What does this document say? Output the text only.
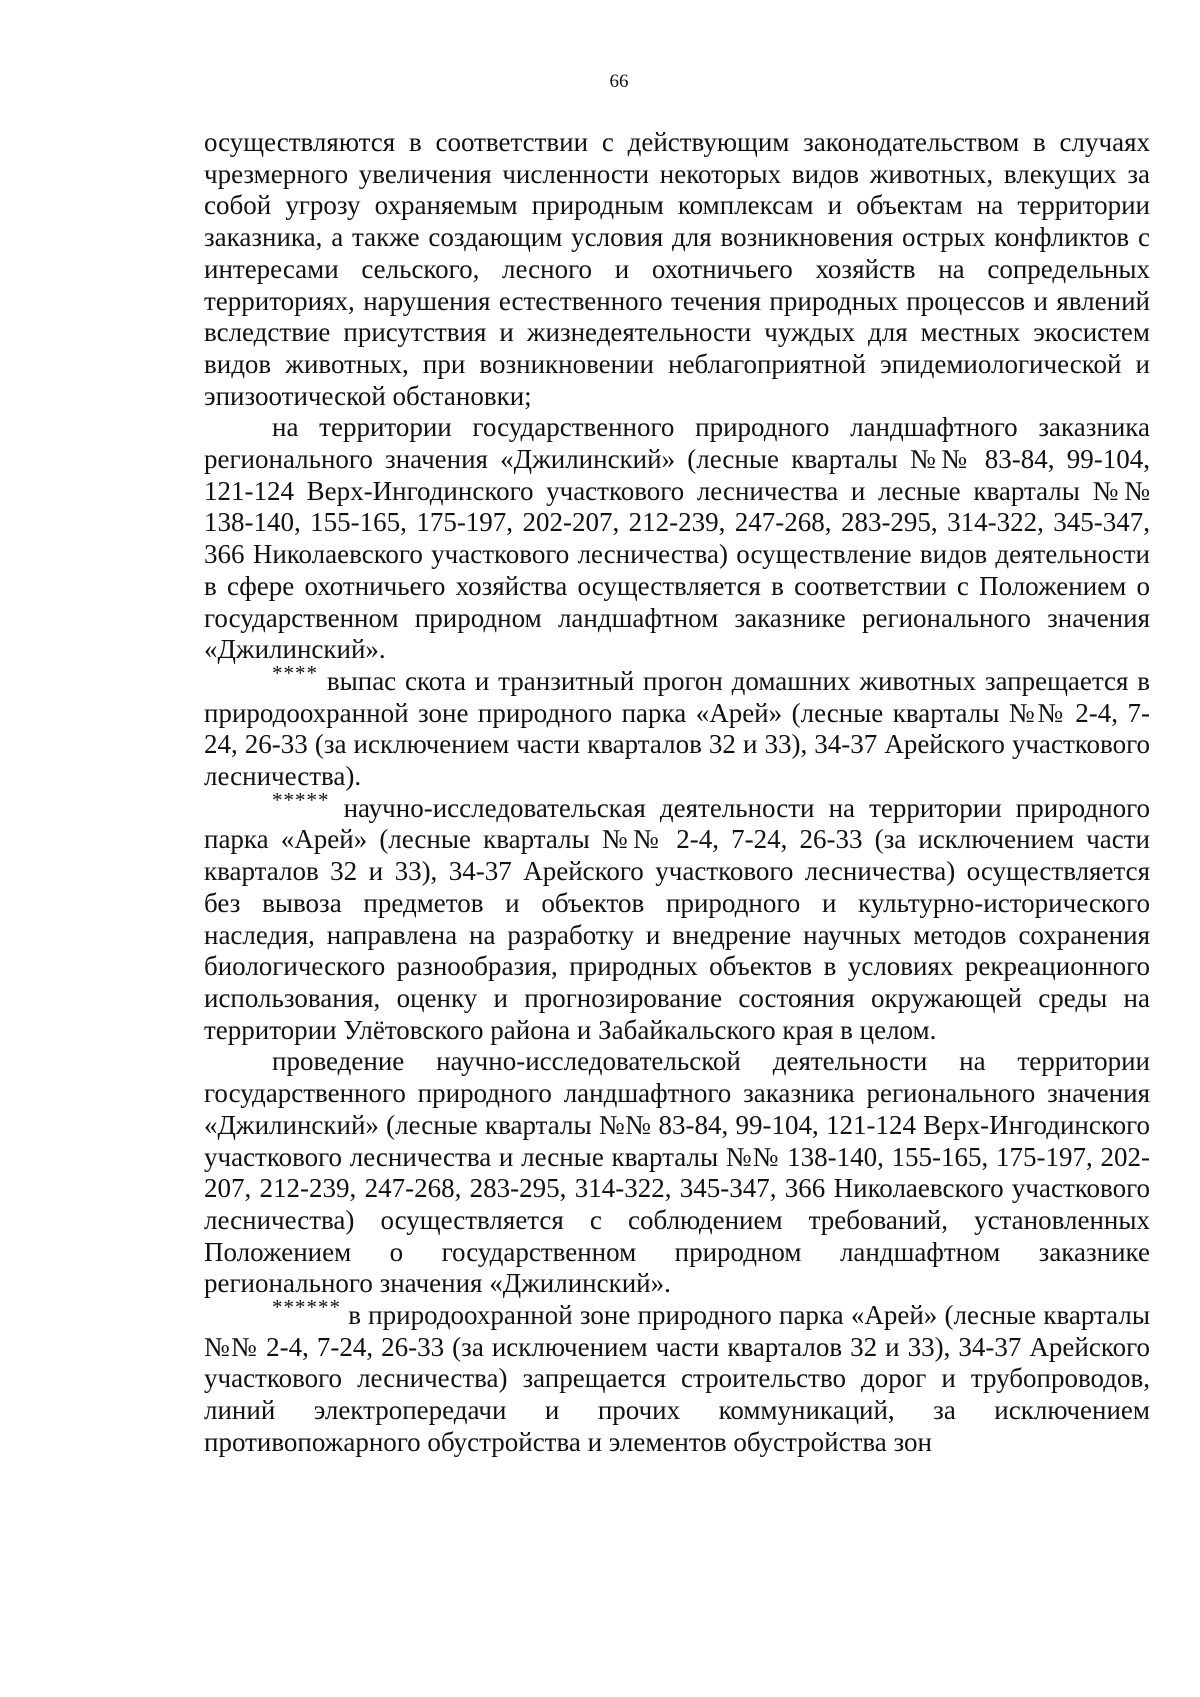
66

осуществляются в соответствии с действующим законодательством в случаях чрезмерного увеличения численности некоторых видов животных, влекущих за собой угрозу охраняемым природным комплексам и объектам на территории заказника, а также создающим условия для возникновения острых конфликтов с интересами сельского, лесного и охотничьего хозяйств на сопредельных территориях, нарушения естественного течения природных процессов и явлений вследствие присутствия и жизнедеятельности чуждых для местных экосистем видов животных, при возникновении неблагоприятной эпидемиологической и эпизоотической обстановки;

на территории государственного природного ландшафтного заказника регионального значения «Джилинский» (лесные кварталы №№ 83-84, 99-104, 121-124 Верх-Ингодинского участкового лесничества и лесные кварталы №№ 138-140, 155-165, 175-197, 202-207, 212-239, 247-268, 283-295, 314-322, 345-347, 366 Николаевского участкового лесничества) осуществление видов деятельности в сфере охотничьего хозяйства осуществляется в соответствии с Положением о государственном природном ландшафтном заказнике регионального значения «Джилинский».

**** выпас скота и транзитный прогон домашних животных запрещается в природоохранной зоне природного парка «Арей» (лесные кварталы №№ 2-4, 7-24, 26-33 (за исключением части кварталов 32 и 33), 34-37 Арейского участкового лесничества).

***** научно-исследовательская деятельности на территории природного парка «Арей» (лесные кварталы №№ 2-4, 7-24, 26-33 (за исключением части кварталов 32 и 33), 34-37 Арейского участкового лесничества) осуществляется без вывоза предметов и объектов природного и культурно-исторического наследия, направлена на разработку и внедрение научных методов сохранения биологического разнообразия, природных объектов в условиях рекреационного использования, оценку и прогнозирование состояния окружающей среды на территории Улётовского района и Забайкальского края в целом.

проведение научно-исследовательской деятельности на территории государственного природного ландшафтного заказника регионального значения «Джилинский» (лесные кварталы №№ 83-84, 99-104, 121-124 Верх-Ингодинского участкового лесничества и лесные кварталы №№ 138-140, 155-165, 175-197, 202-207, 212-239, 247-268, 283-295, 314-322, 345-347, 366 Николаевского участкового лесничества) осуществляется с соблюдением требований, установленных Положением о государственном природном ландшафтном заказнике регионального значения «Джилинский».

****** в природоохранной зоне природного парка «Арей» (лесные кварталы №№ 2-4, 7-24, 26-33 (за исключением части кварталов 32 и 33), 34-37 Арейского участкового лесничества) запрещается строительство дорог и трубопроводов, линий электропередачи и прочих коммуникаций, за исключением противопожарного обустройства и элементов обустройства зон
